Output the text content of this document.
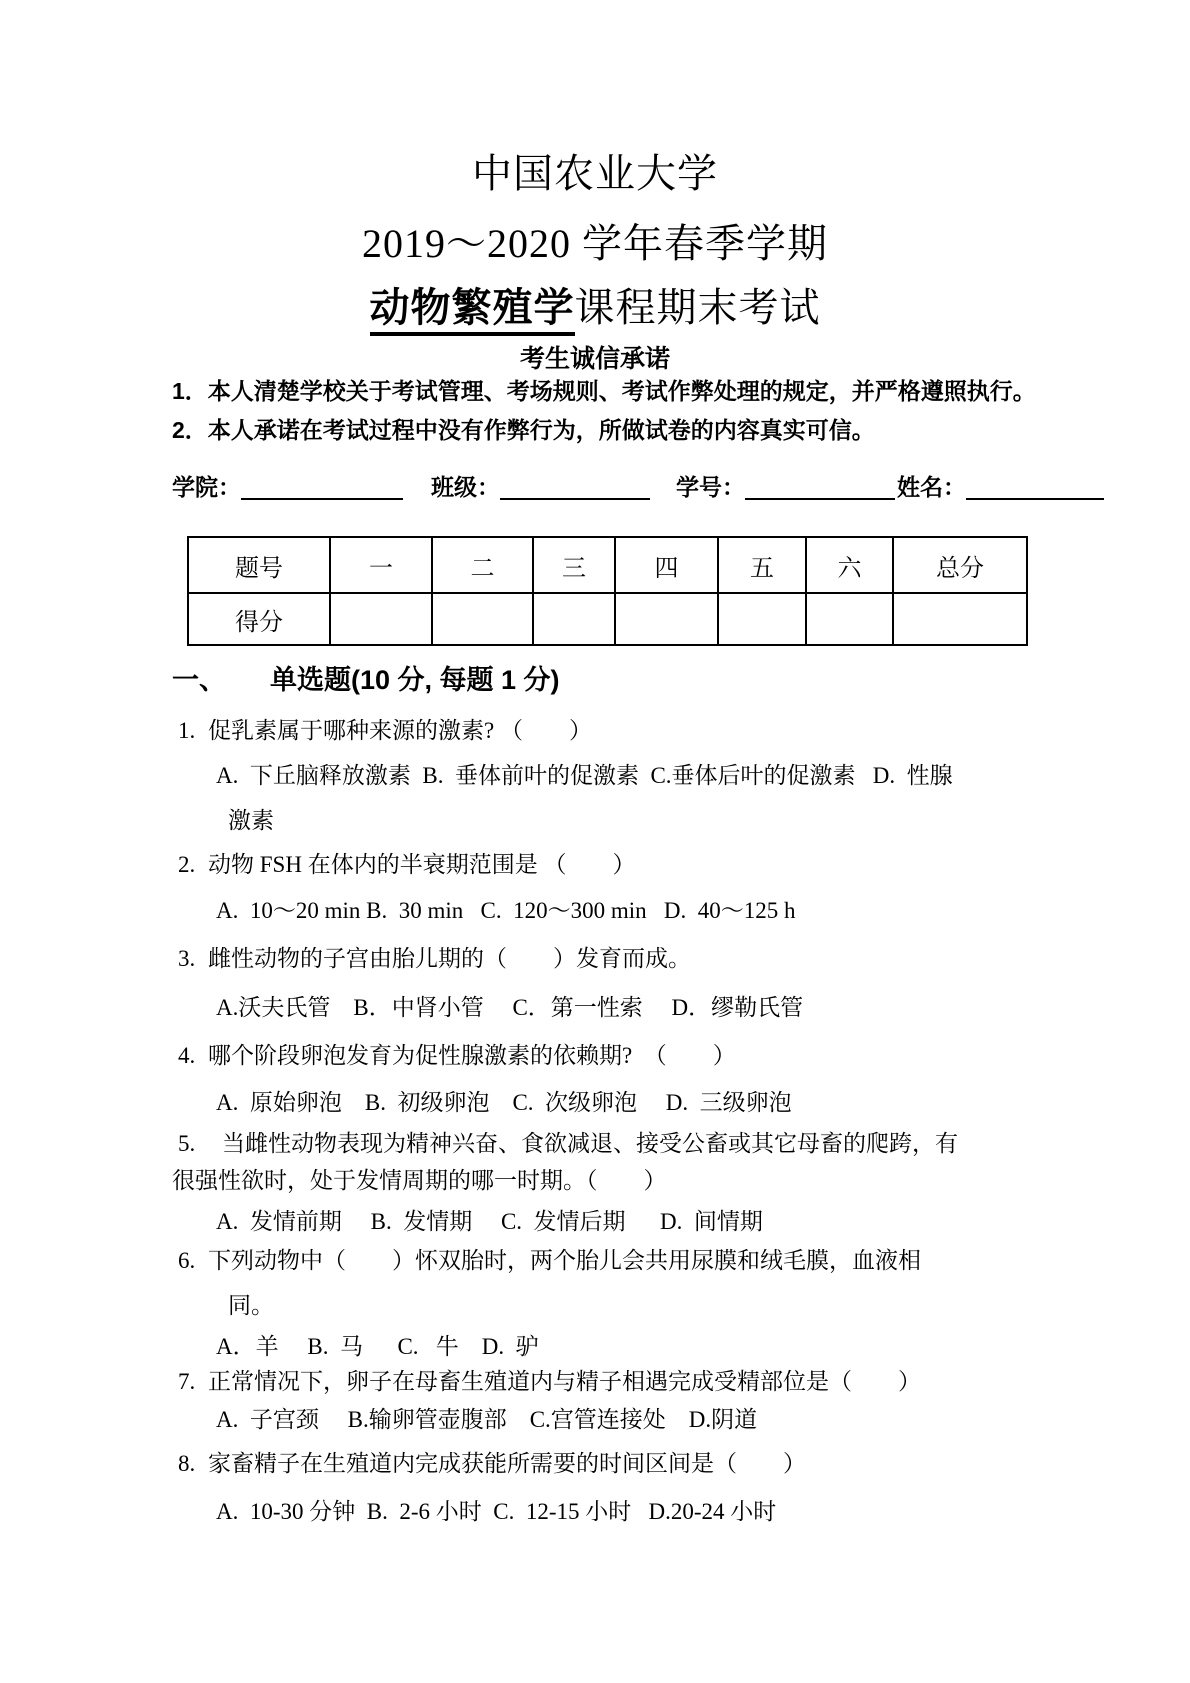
中国农业大学
2019～2020 学年春季学期
动物繁殖学课程期末考试
考生诚信承诺
1．本人清楚学校关于考试管理、考场规则、考试作弊处理的规定，并严格遵照执行。
2．本人承诺在考试过程中没有作弊行为，所做试卷的内容真实可信。
学院：	班级：	学号：	姓名：
题号	一	二	三	四	五	六	总分
得分							
一、 单选题(10 分, 每题 1 分)
1. 促乳素属于哪种来源的激素? （        ）
A.  下丘脑释放激素  B.  垂体前叶的促激素  C.垂体后叶的促激素   D.  性腺
激素
2. 动物 FSH 在体内的半衰期范围是 （        ）
A.  10～20 min B.  30 min   C.  120～300 min   D.  40～125 h
3. 雌性动物的子宫由胎儿期的（        ）发育而成。
A.沃夫氏管    B．中肾小管     C．第一性索     D．缪勒氏管
4. 哪个阶段卵泡发育为促性腺激素的依赖期?  （        ）
A.  原始卵泡    B.  初级卵泡    C.  次级卵泡     D.  三级卵泡
5. 当雌性动物表现为精神兴奋、食欲减退、接受公畜或其它母畜的爬跨，有
很强性欲时，处于发情周期的哪一时期。（        ）
A.  发情前期     B.  发情期     C.  发情后期      D.  间情期
6. 下列动物中（        ）怀双胎时，两个胎儿会共用尿膜和绒毛膜，血液相
同。
A．羊     B.  马      C.   牛    D.  驴
7. 正常情况下，卵子在母畜生殖道内与精子相遇完成受精部位是（        ）
A.  子宫颈     B.输卵管壶腹部    C.宫管连接处    D.阴道
8. 家畜精子在生殖道内完成获能所需要的时间区间是（        ）
A.  10-30 分钟  B.  2-6 小时  C.  12-15 小时   D.20-24 小时
